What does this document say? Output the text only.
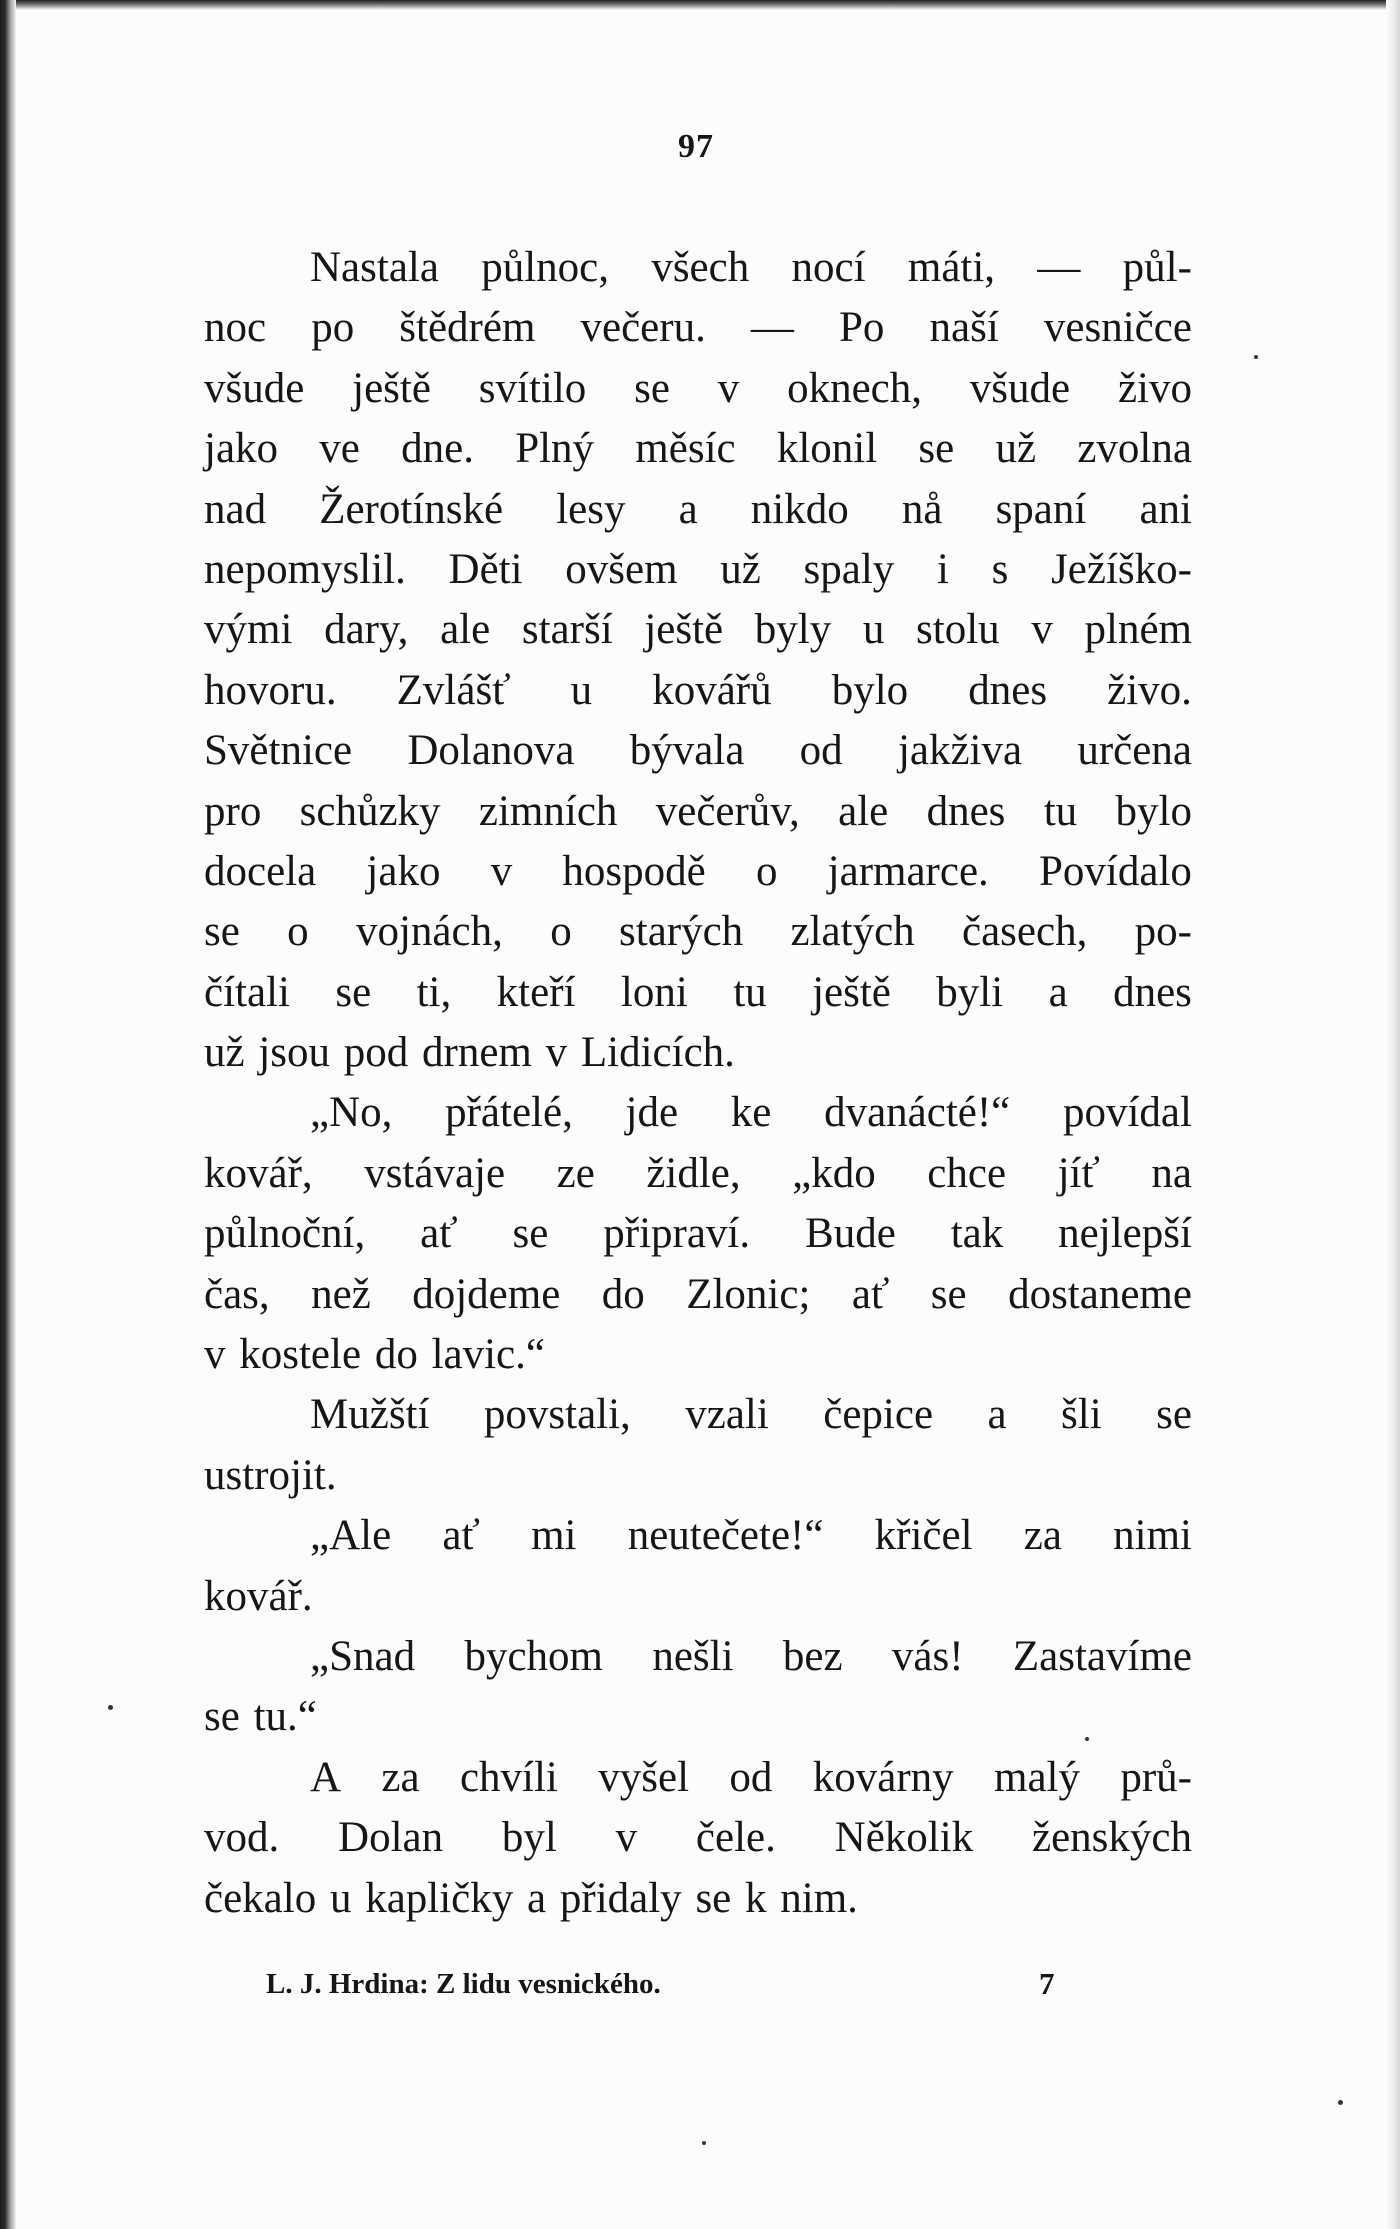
97
Nastala půlnoc, všech nocí máti, — půl-
noc po štědrém večeru. — Po naší vesničce
všude ještě svítilo se v oknech, všude živo
jako ve dne. Plný měsíc klonil se už zvolna
nad Žerotínské lesy a nikdo nå spaní ani
nepomyslil. Děti ovšem už spaly i s Ježíško-
vými dary, ale starší ještě byly u stolu v plném
hovoru. Zvlášť u kovářů bylo dnes živo.
Světnice Dolanova bývala od jakživa určena
pro schůzky zimních večerův, ale dnes tu bylo
docela jako v hospodě o jarmarce. Povídalo
se o vojnách, o starých zlatých časech, po-
čítali se ti, kteří loni tu ještě byli a dnes
už jsou pod drnem v Lidicích.
„No, přátelé, jde ke dvanácté!“ povídal
kovář, vstávaje ze židle, „kdo chce jíť na
půlnoční, ať se připraví. Bude tak nejlepší
čas, než dojdeme do Zlonic; ať se dostaneme
v kostele do lavic.“
Mužští povstali, vzali čepice a šli se
ustrojit.
„Ale ať mi neutečete!“ křičel za nimi
kovář.
„Snad bychom nešli bez vás! Zastavíme
se tu.“
A za chvíli vyšel od kovárny malý prů-
vod. Dolan byl v čele. Několik ženských
čekalo u kapličky a přidaly se k nim.
L. J. Hrdina: Z lidu vesnického.	7
